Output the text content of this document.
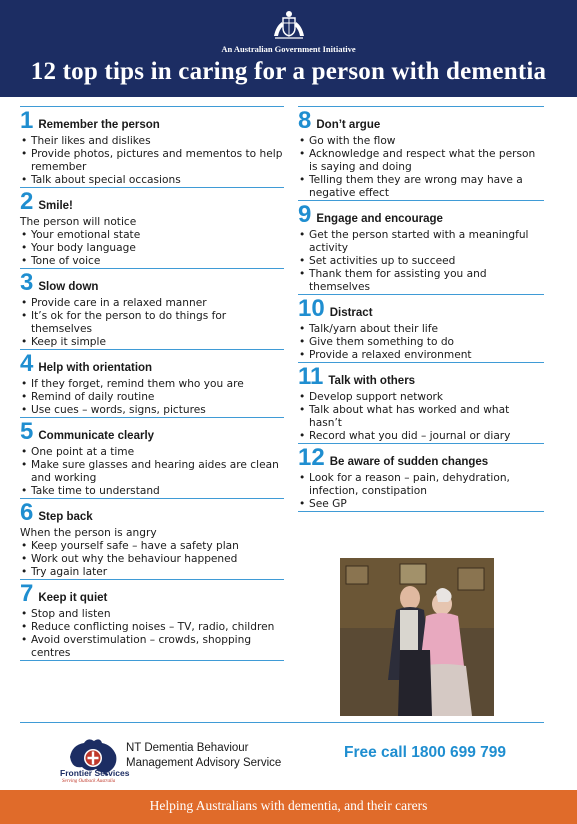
An Australian Government Initiative
12 top tips in caring for a person with dementia
1 Remember the person
• Their likes and dislikes
• Provide photos, pictures and mementos to help remember
• Talk about special occasions
2 Smile!
The person will notice
• Your emotional state
• Your body language
• Tone of voice
3 Slow down
• Provide care in a relaxed manner
• It’s ok for the person to do things for themselves
• Keep it simple
4 Help with orientation
• If they forget, remind them who you are
• Remind of daily routine
• Use cues – words, signs, pictures
5 Communicate clearly
• One point at a time
• Make sure glasses and hearing aides are clean and working
• Take time to understand
6 Step back
When the person is angry
• Keep yourself safe – have a safety plan
• Work out why the behaviour happened
• Try again later
7 Keep it quiet
• Stop and listen
• Reduce conflicting noises – TV, radio, children
• Avoid overstimulation – crowds, shopping centres
8 Don’t argue
• Go with the flow
• Acknowledge and respect what the person is saying and doing
• Telling them they are wrong may have a negative effect
9 Engage and encourage
• Get the person started with a meaningful activity
• Set activities up to succeed
• Thank them for assisting you and themselves
10 Distract
• Talk/yarn about their life
• Give them something to do
• Provide a relaxed environment
11 Talk with others
• Develop support network
• Talk about what has worked and what hasn’t
• Record what you did – journal or diary
12 Be aware of sudden changes
• Look for a reason – pain, dehydration, infection, constipation
• See GP
Frontier Services
Serving Outback Australia
NT Dementia Behaviour
Management Advisory Service
Free call 1800 699 799
Helping Australians with dementia, and their carers
